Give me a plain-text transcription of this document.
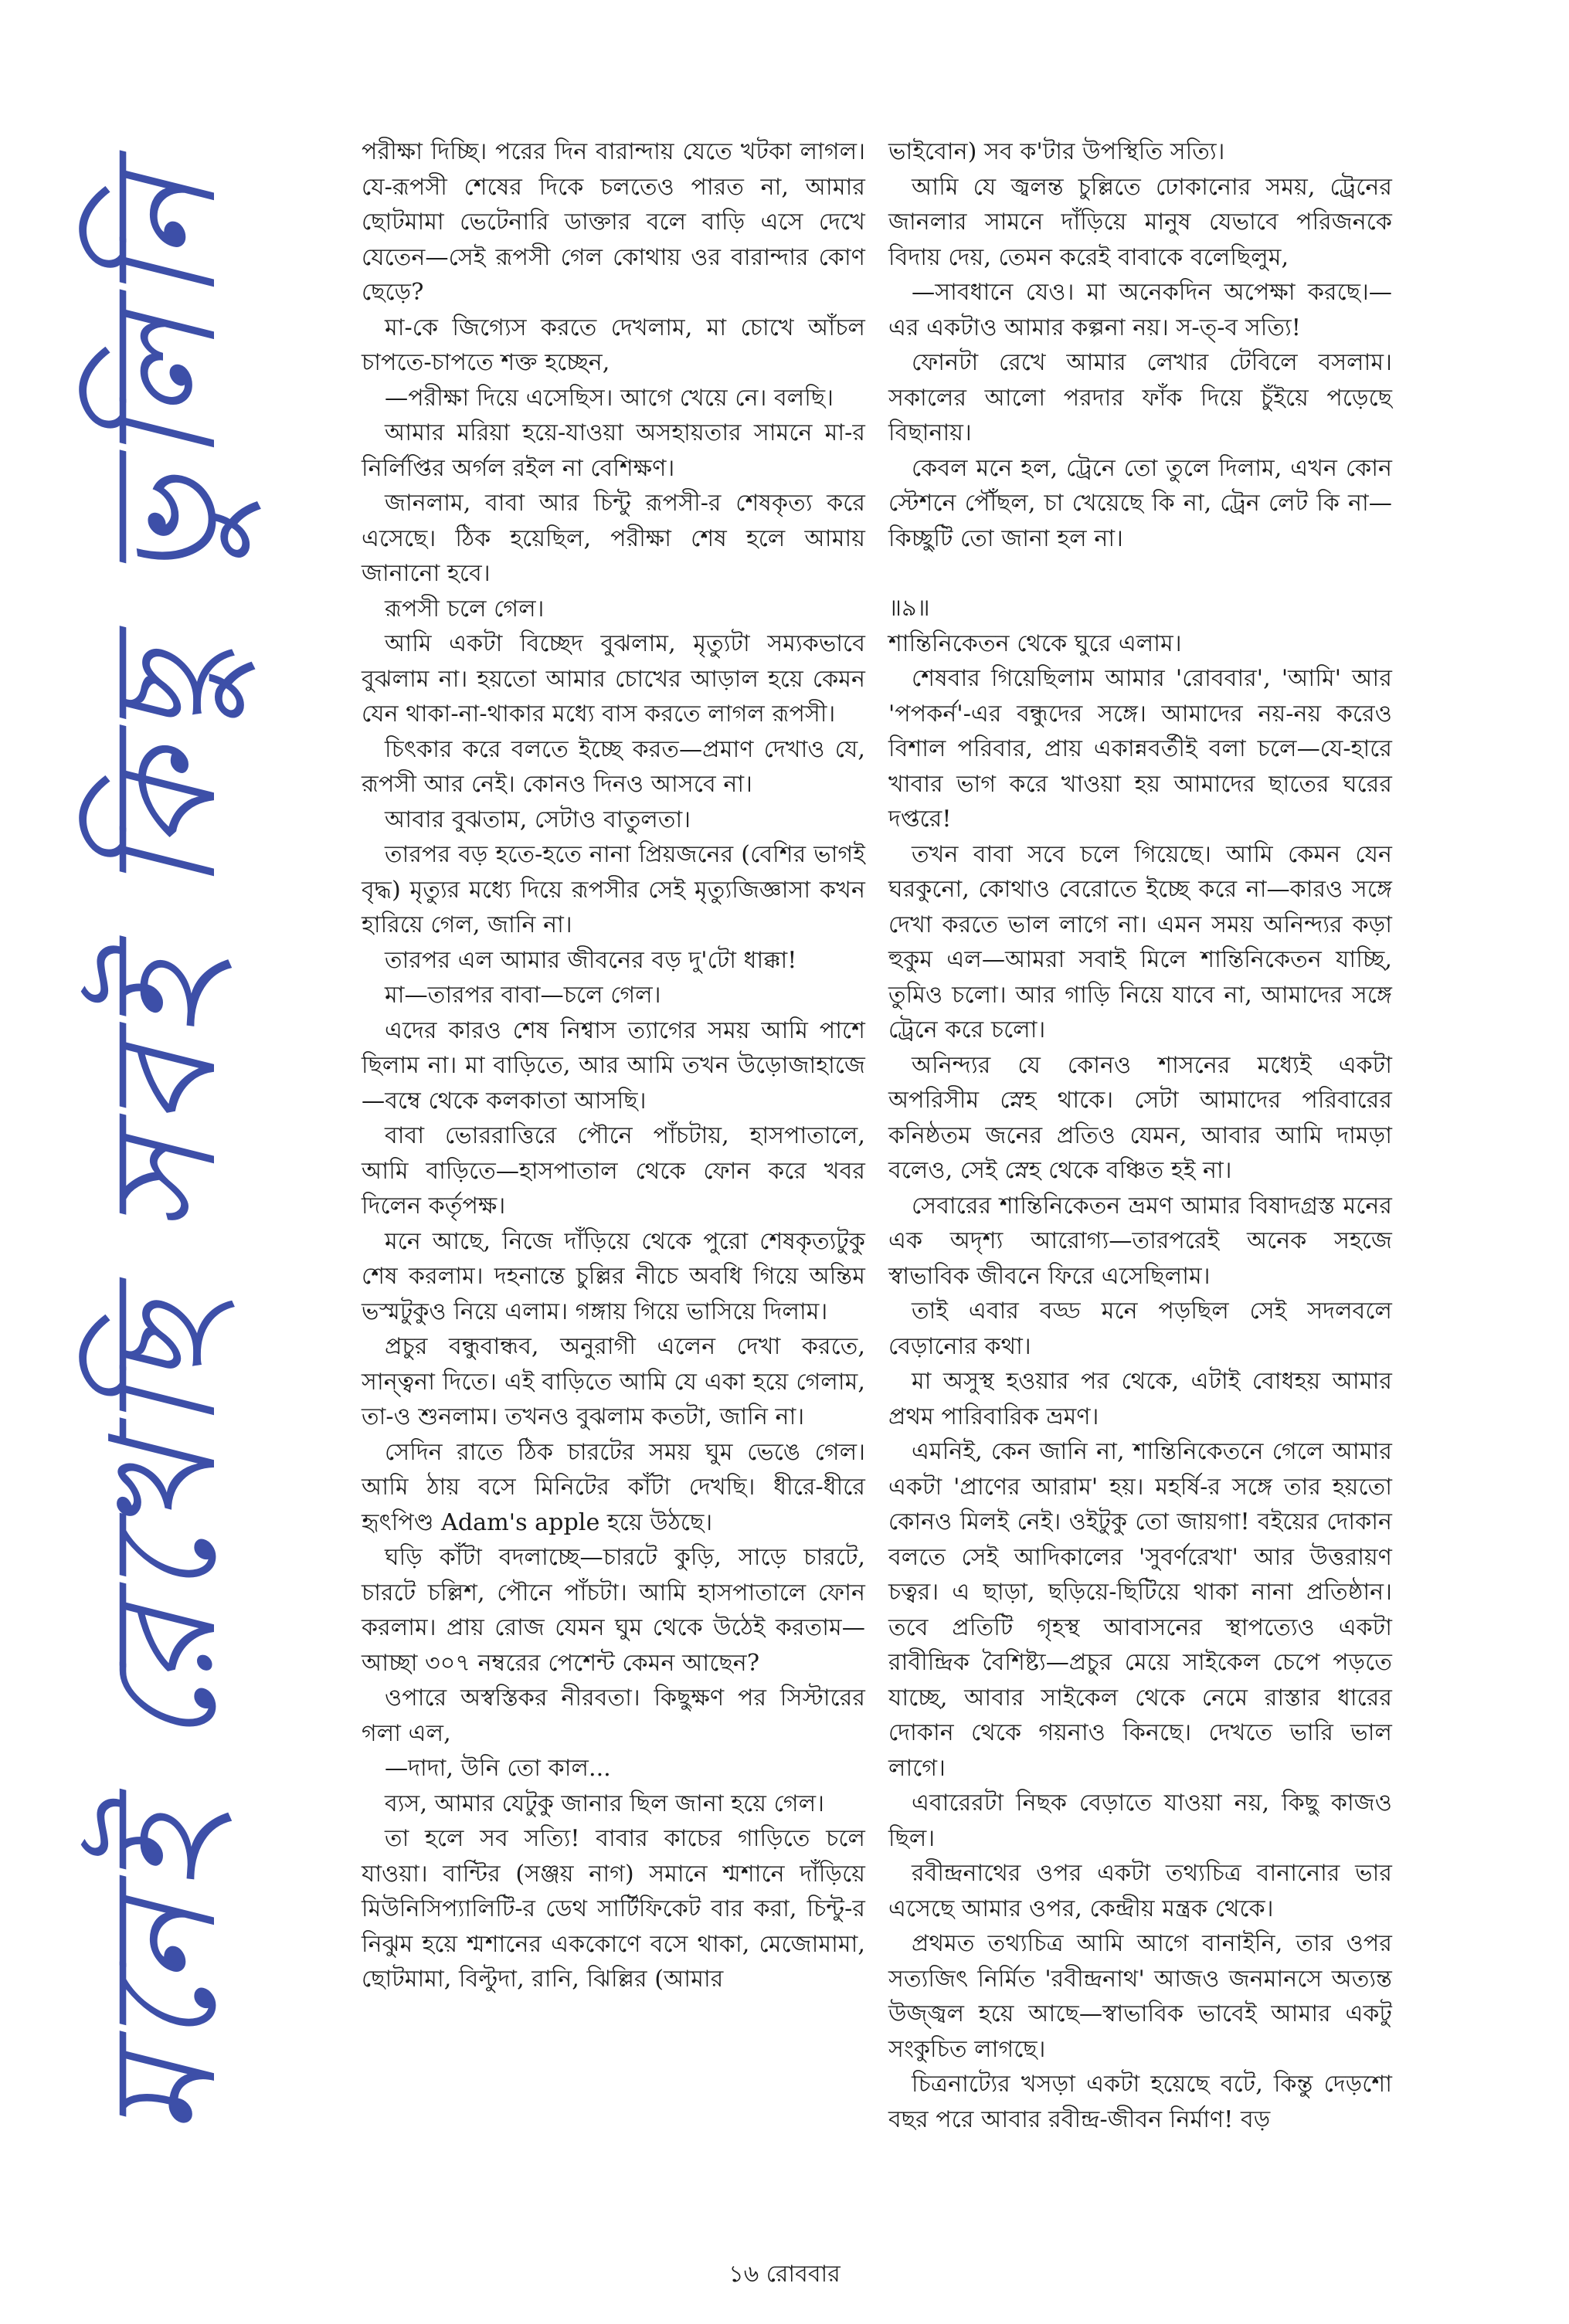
মনেই রেখেছি সবই কিছু ভুলিনি

পরীক্ষা দিচ্ছি। পরের দিন বারান্দায় যেতে খটকা লাগল। যে-রূপসী শেষের দিকে চলতেও পারত না, আমার ছোটমামা ভেটেনারি ডাক্তার বলে বাড়ি এসে দেখে যেতেন—সেই রূপসী গেল কোথায় ওর বারান্দার কোণ ছেড়ে?

মা-কে জিগ্যেস করতে দেখলাম, মা চোখে আঁচল চাপতে-চাপতে শক্ত হচ্ছেন,

—পরীক্ষা দিয়ে এসেছিস। আগে খেয়ে নে। বলছি।

আমার মরিয়া হয়ে-যাওয়া অসহায়তার সামনে মা-র নির্লিপ্তির অর্গল রইল না বেশিক্ষণ।

জানলাম, বাবা আর চিন্টু রূপসী-র শেষকৃত্য করে এসেছে। ঠিক হয়েছিল, পরীক্ষা শেষ হলে আমায় জানানো হবে।

রূপসী চলে গেল।

আমি একটা বিচ্ছেদ বুঝলাম, মৃত্যুটা সম্যকভাবে বুঝলাম না। হয়তো আমার চোখের আড়াল হয়ে কেমন যেন থাকা-না-থাকার মধ্যে বাস করতে লাগল রূপসী।

চিৎকার করে বলতে ইচ্ছে করত—প্রমাণ দেখাও যে, রূপসী আর নেই। কোনও দিনও আসবে না।

আবার বুঝতাম, সেটাও বাতুলতা।

তারপর বড় হতে-হতে নানা প্রিয়জনের (বেশির ভাগই বৃদ্ধ) মৃত্যুর মধ্যে দিয়ে রূপসীর সেই মৃত্যুজিজ্ঞাসা কখন হারিয়ে গেল, জানি না।

তারপর এল আমার জীবনের বড় দু'টো ধাক্কা!

মা—তারপর বাবা—চলে গেল।

এদের কারও শেষ নিশ্বাস ত্যাগের সময় আমি পাশে ছিলাম না। মা বাড়িতে, আর আমি তখন উড়োজাহাজে—বম্বে থেকে কলকাতা আসছি।

বাবা ভোররাত্তিরে পৌনে পাঁচটায়, হাসপাতালে, আমি বাড়িতে—হাসপাতাল থেকে ফোন করে খবর দিলেন কর্তৃপক্ষ।

মনে আছে, নিজে দাঁড়িয়ে থেকে পুরো শেষকৃত্যটুকু শেষ করলাম। দহনান্তে চুল্লির নীচে অবধি গিয়ে অন্তিম ভস্মটুকুও নিয়ে এলাম। গঙ্গায় গিয়ে ভাসিয়ে দিলাম।

প্রচুর বন্ধুবান্ধব, অনুরাগী এলেন দেখা করতে, সান্ত্বনা দিতে। এই বাড়িতে আমি যে একা হয়ে গেলাম, তা-ও শুনলাম। তখনও বুঝলাম কতটা, জানি না।

সেদিন রাতে ঠিক চারটের সময় ঘুম ভেঙে গেল। আমি ঠায় বসে মিনিটের কাঁটা দেখছি। ধীরে-ধীরে হৃৎপিণ্ড Adam's apple হয়ে উঠছে।

ঘড়ি কাঁটা বদলাচ্ছে—চারটে কুড়ি, সাড়ে চারটে, চারটে চল্লিশ, পৌনে পাঁচটা। আমি হাসপাতালে ফোন করলাম। প্রায় রোজ যেমন ঘুম থেকে উঠেই করতাম—আচ্ছা ৩০৭ নম্বরের পেশেন্ট কেমন আছেন?

ওপারে অস্বস্তিকর নীরবতা। কিছুক্ষণ পর সিস্টারের গলা এল,

—দাদা, উনি তো কাল...

ব্যস, আমার যেটুকু জানার ছিল জানা হয়ে গেল।

তা হলে সব সত্যি! বাবার কাচের গাড়িতে চলে যাওয়া। বান্টির (সঞ্জয় নাগ) সমানে শ্মশানে দাঁড়িয়ে মিউনিসিপ্যালিটি-র ডেথ সার্টিফিকেট বার করা, চিন্টু-র নিঝুম হয়ে শ্মশানের এককোণে বসে থাকা, মেজোমামা, ছোটমামা, বিল্টুদা, রানি, ঝিল্লির (আমার

ভাইবোন) সব ক'টার উপস্থিতি সত্যি।

আমি যে জ্বলন্ত চুল্লিতে ঢোকানোর সময়, ট্রেনের জানলার সামনে দাঁড়িয়ে মানুষ যেভাবে পরিজনকে বিদায় দেয়, তেমন করেই বাবাকে বলেছিলুম,

—সাবধানে যেও। মা অনেকদিন অপেক্ষা করছে।—এর একটাও আমার কল্পনা নয়। স-ত্-ব সত্যি!

ফোনটা রেখে আমার লেখার টেবিলে বসলাম। সকালের আলো পরদার ফাঁক দিয়ে চুঁইয়ে পড়েছে বিছানায়।

কেবল মনে হল, ট্রেনে তো তুলে দিলাম, এখন কোন স্টেশনে পৌঁছল, চা খেয়েছে কি না, ট্রেন লেট কি না—কিচ্ছুটি তো জানা হল না।

॥৯॥

শান্তিনিকেতন থেকে ঘুরে এলাম।

শেষবার গিয়েছিলাম আমার 'রোববার', 'আমি' আর 'পপকর্ন'-এর বন্ধুদের সঙ্গে। আমাদের নয়-নয় করেও বিশাল পরিবার, প্রায় একান্নবর্তীই বলা চলে—যে-হারে খাবার ভাগ করে খাওয়া হয় আমাদের ছাতের ঘরের দপ্তরে!

তখন বাবা সবে চলে গিয়েছে। আমি কেমন যেন ঘরকুনো, কোথাও বেরোতে ইচ্ছে করে না—কারও সঙ্গে দেখা করতে ভাল লাগে না। এমন সময় অনিন্দ্যর কড়া হুকুম এল—আমরা সবাই মিলে শান্তিনিকেতন যাচ্ছি, তুমিও চলো। আর গাড়ি নিয়ে যাবে না, আমাদের সঙ্গে ট্রেনে করে চলো।

অনিন্দ্যর যে কোনও শাসনের মধ্যেই একটা অপরিসীম স্নেহ থাকে। সেটা আমাদের পরিবারের কনিষ্ঠতম জনের প্রতিও যেমন, আবার আমি দামড়া বলেও, সেই স্নেহ থেকে বঞ্চিত হই না।

সেবারের শান্তিনিকেতন ভ্রমণ আমার বিষাদগ্রস্ত মনের এক অদৃশ্য আরোগ্য—তারপরেই অনেক সহজে স্বাভাবিক জীবনে ফিরে এসেছিলাম।

তাই এবার বড্ড মনে পড়ছিল সেই সদলবলে বেড়ানোর কথা।

মা অসুস্থ হওয়ার পর থেকে, এটাই বোধহয় আমার প্রথম পারিবারিক ভ্রমণ।

এমনিই, কেন জানি না, শান্তিনিকেতনে গেলে আমার একটা 'প্রাণের আরাম' হয়। মহর্ষি-র সঙ্গে তার হয়তো কোনও মিলই নেই। ওইটুকু তো জায়গা! বইয়ের দোকান বলতে সেই আদিকালের 'সুবর্ণরেখা' আর উত্তরায়ণ চত্বর। এ ছাড়া, ছড়িয়ে-ছিটিয়ে থাকা নানা প্রতিষ্ঠান। তবে প্রতিটি গৃহস্থ আবাসনের স্থাপত্যেও একটা রাবীন্দ্রিক বৈশিষ্ট্য—প্রচুর মেয়ে সাইকেল চেপে পড়তে যাচ্ছে, আবার সাইকেল থেকে নেমে রাস্তার ধারের দোকান থেকে গয়নাও কিনছে। দেখতে ভারি ভাল লাগে।

এবারেরটা নিছক বেড়াতে যাওয়া নয়, কিছু কাজও ছিল।

রবীন্দ্রনাথের ওপর একটা তথ্যচিত্র বানানোর ভার এসেছে আমার ওপর, কেন্দ্রীয় মন্ত্রক থেকে।

প্রথমত তথ্যচিত্র আমি আগে বানাইনি, তার ওপর সত্যজিৎ নির্মিত 'রবীন্দ্রনাথ' আজও জনমানসে অত্যন্ত উজ্জ্বল হয়ে আছে—স্বাভাবিক ভাবেই আমার একটু সংকুচিত লাগছে।

চিত্রনাট্যের খসড়া একটা হয়েছে বটে, কিন্তু দেড়শো বছর পরে আবার রবীন্দ্র-জীবন নির্মাণ! বড়

১৬ রোববার
